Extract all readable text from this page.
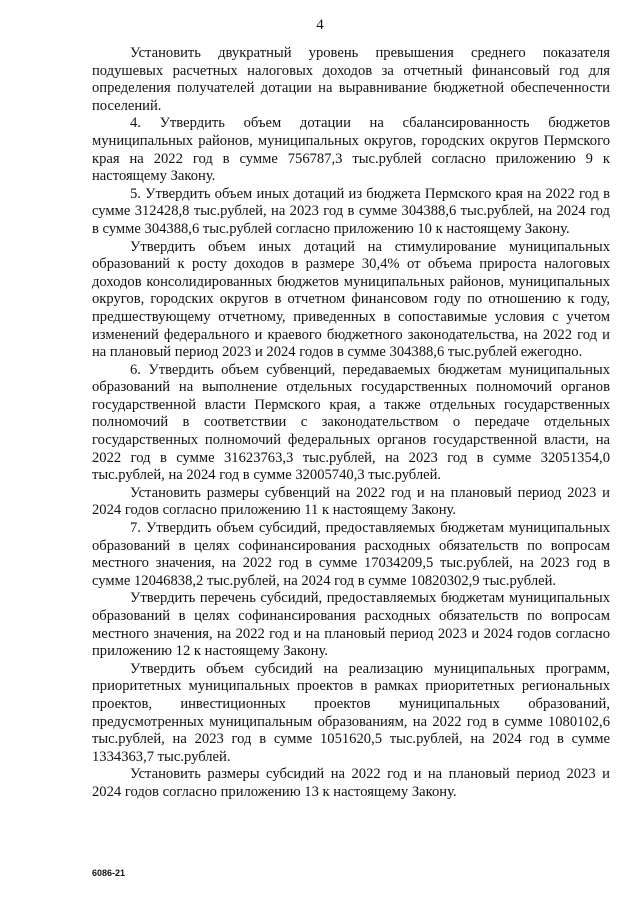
4

Установить двукратный уровень превышения среднего показателя подушевых расчетных налоговых доходов за отчетный финансовый год для определения получателей дотации на выравнивание бюджетной обеспеченности поселений.

4. Утвердить объем дотации на сбалансированность бюджетов муниципальных районов, муниципальных округов, городских округов Пермского края на 2022 год в сумме 756787,3 тыс.рублей согласно приложению 9 к настоящему Закону.

5. Утвердить объем иных дотаций из бюджета Пермского края на 2022 год в сумме 312428,8 тыс.рублей, на 2023 год в сумме 304388,6 тыс.рублей, на 2024 год в сумме 304388,6 тыс.рублей согласно приложению 10 к настоящему Закону.

Утвердить объем иных дотаций на стимулирование муниципальных образований к росту доходов в размере 30,4% от объема прироста налоговых доходов консолидированных бюджетов муниципальных районов, муниципальных округов, городских округов в отчетном финансовом году по отношению к году, предшествующему отчетному, приведенных в сопоставимые условия с учетом изменений федерального и краевого бюджетного законодательства, на 2022 год и на плановый период 2023 и 2024 годов в сумме 304388,6 тыс.рублей ежегодно.

6. Утвердить объем субвенций, передаваемых бюджетам муниципальных образований на выполнение отдельных государственных полномочий органов государственной власти Пермского края, а также отдельных государственных полномочий в соответствии с законодательством о передаче отдельных государственных полномочий федеральных органов государственной власти, на 2022 год в сумме 31623763,3 тыс.рублей, на 2023 год в сумме 32051354,0 тыс.рублей, на 2024 год в сумме 32005740,3 тыс.рублей.

Установить размеры субвенций на 2022 год и на плановый период 2023 и 2024 годов согласно приложению 11 к настоящему Закону.

7. Утвердить объем субсидий, предоставляемых бюджетам муниципальных образований в целях софинансирования расходных обязательств по вопросам местного значения, на 2022 год в сумме 17034209,5 тыс.рублей, на 2023 год в сумме 12046838,2 тыс.рублей, на 2024 год в сумме 10820302,9 тыс.рублей.

Утвердить перечень субсидий, предоставляемых бюджетам муниципальных образований в целях софинансирования расходных обязательств по вопросам местного значения, на 2022 год и на плановый период 2023 и 2024 годов согласно приложению 12 к настоящему Закону.

Утвердить объем субсидий на реализацию муниципальных программ, приоритетных муниципальных проектов в рамках приоритетных региональных проектов, инвестиционных проектов муниципальных образований, предусмотренных муниципальным образованиям, на 2022 год в сумме 1080102,6 тыс.рублей, на 2023 год в сумме 1051620,5 тыс.рублей, на 2024 год в сумме 1334363,7 тыс.рублей.

Установить размеры субсидий на 2022 год и на плановый период 2023 и 2024 годов согласно приложению 13 к настоящему Закону.

6086-21
